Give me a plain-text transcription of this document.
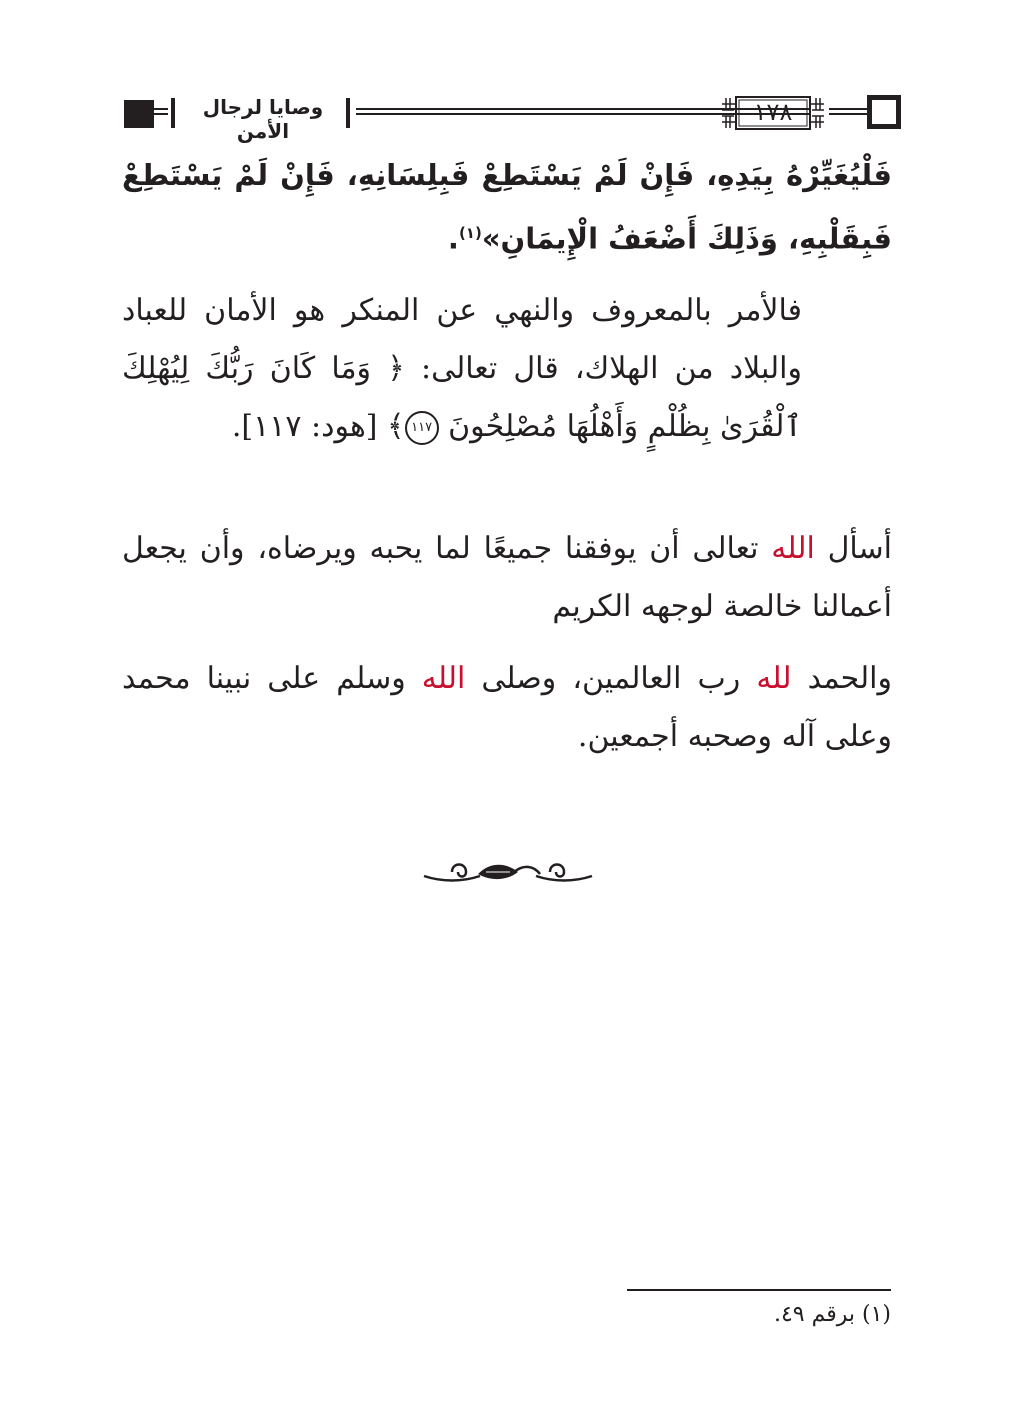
وصايا لرجال الأمن
١٧٨
فَلْيُغَيِّرْهُ بِيَدِهِ، فَإِنْ لَمْ يَسْتَطِعْ فَبِلِسَانِهِ، فَإِنْ لَمْ يَسْتَطِعْ فَبِقَلْبِهِ، وَذَلِكَ أَضْعَفُ الْإِيمَانِ»$^{(١)}$.
فالأمر بالمعروف والنهي عن المنكر هو الأمان للعباد والبلاد من الهلاك، قال تعالى: ﴿ وَمَا كَانَ رَبُّكَ لِيُهْلِكَ ٱلْقُرَىٰ بِظُلْمٍ وَأَهْلُهَا مُصْلِحُونَ ١١٧﴾ [هود: ١١٧].
أسأل الله تعالى أن يوفقنا جميعًا لما يحبه ويرضاه، وأن يجعل أعمالنا خالصة لوجهه الكريم
والحمد لله رب العالمين، وصلى الله وسلم على نبينا محمد وعلى آله وصحبه أجمعين.
(١) برقم ٤٩.
